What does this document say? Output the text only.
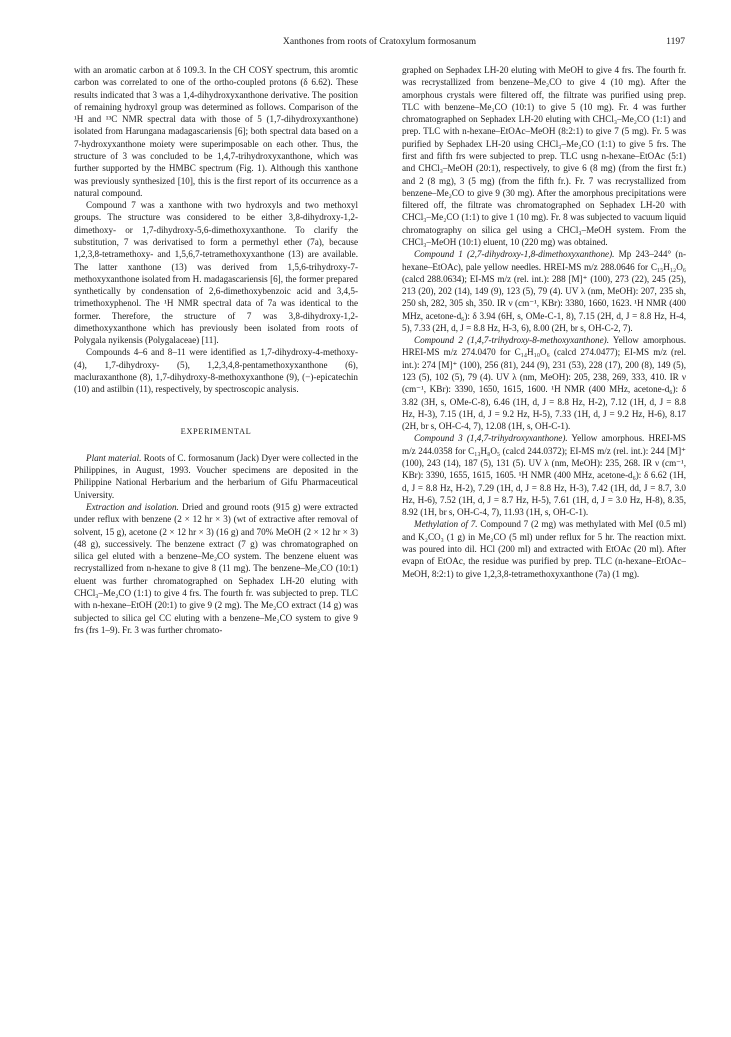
Xanthones from roots of Cratoxylum formosanum	1197

with an aromatic carbon at δ 109.3. In the CH COSY spectrum, this aromtic carbon was correlated to one of the ortho-coupled protons (δ 6.62). These results indicated that 3 was a 1,4-dihydroxyxanthone derivative. The position of remaining hydroxyl group was determined as follows. Comparison of the ¹H and ¹³C NMR spectral data with those of 5 (1,7-dihydroxyxanthone) isolated from Harungana madagascariensis [6]; both spectral data based on a 7-hydroxyxanthone moiety were superimposable on each other. Thus, the structure of 3 was concluded to be 1,4,7-trihydroxyxanthone, which was further supported by the HMBC spectrum (Fig. 1). Although this xanthone was previously synthesized [10], this is the first report of its occurrence as a natural compound.

Compound 7 was a xanthone with two hydroxyls and two methoxyl groups. The structure was considered to be either 3,8-dihydroxy-1,2-dimethoxy- or 1,7-dihydroxy-5,6-dimethoxyxanthone. To clarify the substitution, 7 was derivatised to form a permethyl ether (7a), because 1,2,3,8-tetramethoxy- and 1,5,6,7-tetramethoxyxanthone (13) are available. The latter xanthone (13) was derived from 1,5,6-trihydroxy-7-methoxyxanthone isolated from H. madagascariensis [6], the former prepared synthetically by condensation of 2,6-dimethoxybenzoic acid and 3,4,5-trimethoxyphenol. The ¹H NMR spectral data of 7a was identical to the former. Therefore, the structure of 7 was 3,8-dihydroxy-1,2-dimethoxyxanthone which has previously been isolated from roots of Polygala nyikensis (Polygalaceae) [11].

Compounds 4–6 and 8–11 were identified as 1,7-dihydroxy-4-methoxy- (4), 1,7-dihydroxy- (5), 1,2,3,4,8-pentamethoxyxanthone (6), macluraxanthone (8), 1,7-dihydroxy-8-methoxyxanthone (9), (−)-epicatechin (10) and astilbin (11), respectively, by spectroscopic analysis.

EXPERIMENTAL

Plant material. Roots of C. formosanum (Jack) Dyer were collected in the Philippines, in August, 1993. Voucher specimens are deposited in the Philippine National Herbarium and the herbarium of Gifu Pharmaceutical University.

Extraction and isolation. Dried and ground roots (915 g) were extracted under reflux with benzene (2 × 12 hr × 3) (wt of extractive after removal of solvent, 15 g), acetone (2 × 12 hr × 3) (16 g) and 70% MeOH (2 × 12 hr × 3) (48 g), successively. The benzene extract (7 g) was chromatographed on silica gel eluted with a benzene–Me₂CO system. The benzene eluent was recrystallized from n-hexane to give 8 (11 mg). The benzene–Me₂CO (10:1) eluent was further chromatographed on Sephadex LH-20 eluting with CHCl₃–Me₂CO (1:1) to give 4 frs. The fourth fr. was subjected to prep. TLC with n-hexane–EtOH (20:1) to give 9 (2 mg). The Me₂CO extract (14 g) was subjected to silica gel CC eluting with a benzene–Me₂CO system to give 9 frs (frs 1–9). Fr. 3 was further chromato-

graphed on Sephadex LH-20 eluting with MeOH to give 4 frs. The fourth fr. was recrystallized from benzene–Me₂CO to give 4 (10 mg). After the amorphous crystals were filtered off, the filtrate was purified using prep. TLC with benzene–Me₂CO (10:1) to give 5 (10 mg). Fr. 4 was further chromatographed on Sephadex LH-20 eluting with CHCl₃–Me₂CO (1:1) and prep. TLC with n-hexane–EtOAc–MeOH (8:2:1) to give 7 (5 mg). Fr. 5 was purified by Sephadex LH-20 using CHCl₃–Me₂CO (1:1) to give 5 frs. The first and fifth frs were subjected to prep. TLC usng n-hexane–EtOAc (5:1) and CHCl₃–MeOH (20:1), respectively, to give 6 (8 mg) (from the first fr.) and 2 (8 mg), 3 (5 mg) (from the fifth fr.). Fr. 7 was recrystallized from benzene–Me₂CO to give 9 (30 mg). After the amorphous precipitations were filtered off, the filtrate was chromatographed on Sephadex LH-20 with CHCl₃–Me₂CO (1:1) to give 1 (10 mg). Fr. 8 was subjected to vacuum liquid chromatography on silica gel using a CHCl₃–MeOH system. From the CHCl₃–MeOH (10:1) eluent, 10 (220 mg) was obtained.

Compound 1 (2,7-dihydroxy-1,8-dimethoxyxanthone). Mp 243–244° (n-hexane–EtOAc), pale yellow needles. HREI-MS m/z 288.0646 for C₁₅H₁₂O₆ (calcd 288.0634); EI-MS m/z (rel. int.): 288 [M]⁺ (100), 273 (22), 245 (25), 213 (20), 202 (14), 149 (9), 123 (5), 79 (4). UV λ (nm, MeOH): 207, 235 sh, 250 sh, 282, 305 sh, 350. IR ν (cm⁻¹, KBr): 3380, 1660, 1623. ¹H NMR (400 MHz, acetone-d₆): δ 3.94 (6H, s, OMe-C-1, 8), 7.15 (2H, d, J = 8.8 Hz, H-4, 5), 7.33 (2H, d, J = 8.8 Hz, H-3, 6), 8.00 (2H, br s, OH-C-2, 7).

Compound 2 (1,4,7-trihydroxy-8-methoxyxanthone). Yellow amorphous. HREI-MS m/z 274.0470 for C₁₄H₁₀O₆ (calcd 274.0477); EI-MS m/z (rel. int.): 274 [M]⁺ (100), 256 (81), 244 (9), 231 (53), 228 (17), 200 (8), 149 (5), 123 (5), 102 (5), 79 (4). UV λ (nm, MeOH): 205, 238, 269, 333, 410. IR ν (cm⁻¹, KBr): 3390, 1650, 1615, 1600. ¹H NMR (400 MHz, acetone-d₆): δ 3.82 (3H, s, OMe-C-8), 6.46 (1H, d, J = 8.8 Hz, H-2), 7.12 (1H, d, J = 8.8 Hz, H-3), 7.15 (1H, d, J = 9.2 Hz, H-5), 7.33 (1H, d, J = 9.2 Hz, H-6), 8.17 (2H, br s, OH-C-4, 7), 12.08 (1H, s, OH-C-1).

Compound 3 (1,4,7-trihydroxyxanthone). Yellow amorphous. HREI-MS m/z 244.0358 for C₁₃H₈O₅ (calcd 244.0372); EI-MS m/z (rel. int.): 244 [M]⁺ (100), 243 (14), 187 (5), 131 (5). UV λ (nm, MeOH): 235, 268. IR ν (cm⁻¹, KBr): 3390, 1655, 1615, 1605. ¹H NMR (400 MHz, acetone-d₆): δ 6.62 (1H, d, J = 8.8 Hz, H-2), 7.29 (1H, d, J = 8.8 Hz, H-3), 7.42 (1H, dd, J = 8.7, 3.0 Hz, H-6), 7.52 (1H, d, J = 8.7 Hz, H-5), 7.61 (1H, d, J = 3.0 Hz, H-8), 8.35, 8.92 (1H, br s, OH-C-4, 7), 11.93 (1H, s, OH-C-1).

Methylation of 7. Compound 7 (2 mg) was methylated with MeI (0.5 ml) and K₂CO₃ (1 g) in Me₂CO (5 ml) under reflux for 5 hr. The reaction mixt. was poured into dil. HCl (200 ml) and extracted with EtOAc (20 ml). After evapn of EtOAc, the residue was purified by prep. TLC (n-hexane–EtOAc–MeOH, 8:2:1) to give 1,2,3,8-tetramethoxyxanthone (7a) (1 mg).
